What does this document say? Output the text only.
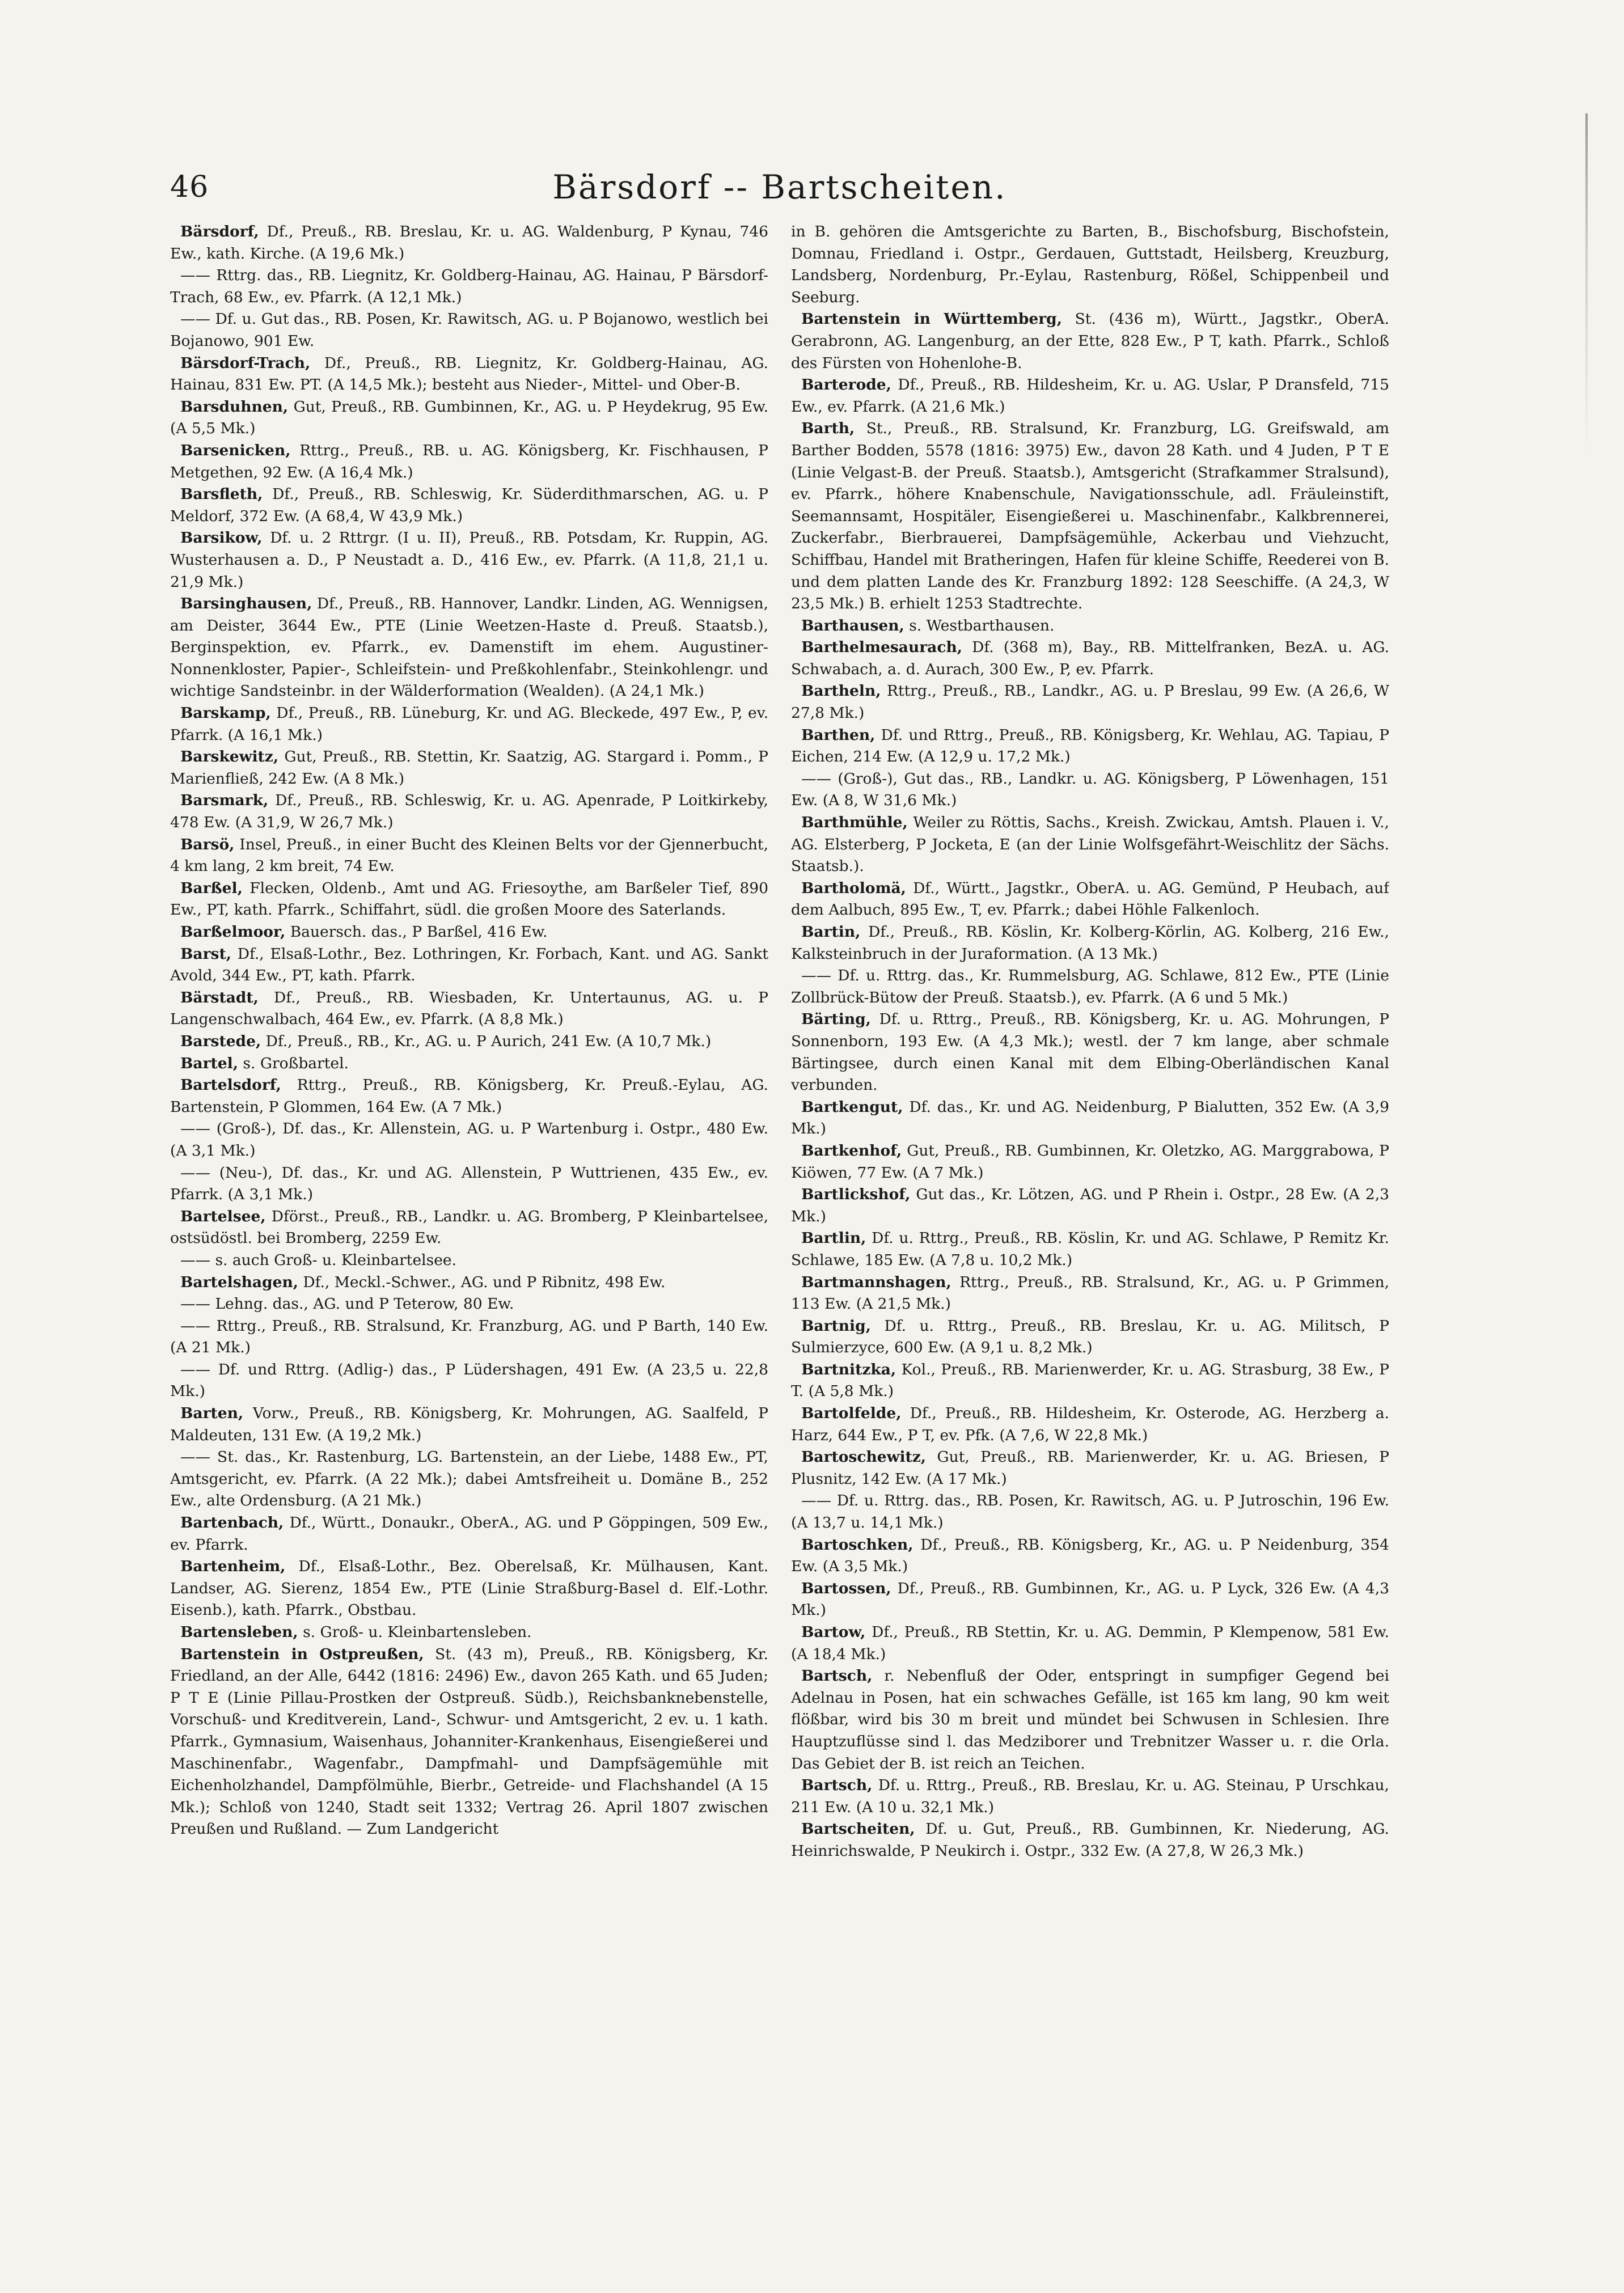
46	Bärsdorf -- Bartscheiten.

Bärsdorf, Df., Preuß., RB. Breslau, Kr. u. AG. Waldenburg, P Kynau, 746 Ew., kath. Kirche. (A 19,6 Mk.)

—— Rttrg. das., RB. Liegnitz, Kr. Goldberg-Hainau, AG. Hainau, P Bärsdorf-Trach, 68 Ew., ev. Pfarrk. (A 12,1 Mk.)

—— Df. u. Gut das., RB. Posen, Kr. Rawitsch, AG. u. P Bojanowo, westlich bei Bojanowo, 901 Ew.

Bärsdorf-Trach, Df., Preuß., RB. Liegnitz, Kr. Goldberg-Hainau, AG. Hainau, 831 Ew. PT. (A 14,5 Mk.); besteht aus Nieder-, Mittel- und Ober-B.

Barsduhnen, Gut, Preuß., RB. Gumbinnen, Kr., AG. u. P Heydekrug, 95 Ew. (A 5,5 Mk.)

Barsenicken, Rttrg., Preuß., RB. u. AG. Königsberg, Kr. Fischhausen, P Metgethen, 92 Ew. (A 16,4 Mk.)

Barsfleth, Df., Preuß., RB. Schleswig, Kr. Süderdithmarschen, AG. u. P Meldorf, 372 Ew. (A 68,4, W 43,9 Mk.)

Barsikow, Df. u. 2 Rttrgr. (I u. II), Preuß., RB. Potsdam, Kr. Ruppin, AG. Wusterhausen a. D., P Neustadt a. D., 416 Ew., ev. Pfarrk. (A 11,8, 21,1 u. 21,9 Mk.)

Barsinghausen, Df., Preuß., RB. Hannover, Landkr. Linden, AG. Wennigsen, am Deister, 3644 Ew., PTE (Linie Weetzen-Haste d. Preuß. Staatsb.), Berginspektion, ev. Pfarrk., ev. Damenstift im ehem. Augustiner-Nonnenkloster, Papier-, Schleifstein- und Preßkohlenfabr., Steinkohlengr. und wichtige Sandsteinbr. in der Wälderformation (Wealden). (A 24,1 Mk.)

Barskamp, Df., Preuß., RB. Lüneburg, Kr. und AG. Bleckede, 497 Ew., P, ev. Pfarrk. (A 16,1 Mk.)

Barskewitz, Gut, Preuß., RB. Stettin, Kr. Saatzig, AG. Stargard i. Pomm., P Marienfließ, 242 Ew. (A 8 Mk.)

Barsmark, Df., Preuß., RB. Schleswig, Kr. u. AG. Apenrade, P Loitkirkeby, 478 Ew. (A 31,9, W 26,7 Mk.)

Barsö, Insel, Preuß., in einer Bucht des Kleinen Belts vor der Gjennerbucht, 4 km lang, 2 km breit, 74 Ew.

Barßel, Flecken, Oldenb., Amt und AG. Friesoythe, am Barßeler Tief, 890 Ew., PT, kath. Pfarrk., Schiffahrt, südl. die großen Moore des Saterlands.

Barßelmoor, Bauersch. das., P Barßel, 416 Ew.

Barst, Df., Elsaß-Lothr., Bez. Lothringen, Kr. Forbach, Kant. und AG. Sankt Avold, 344 Ew., PT, kath. Pfarrk.

Bärstadt, Df., Preuß., RB. Wiesbaden, Kr. Untertaunus, AG. u. P Langenschwalbach, 464 Ew., ev. Pfarrk. (A 8,8 Mk.)

Barstede, Df., Preuß., RB., Kr., AG. u. P Aurich, 241 Ew. (A 10,7 Mk.)

Bartel, s. Großbartel.

Bartelsdorf, Rttrg., Preuß., RB. Königsberg, Kr. Preuß.-Eylau, AG. Bartenstein, P Glommen, 164 Ew. (A 7 Mk.)

—— (Groß-), Df. das., Kr. Allenstein, AG. u. P Wartenburg i. Ostpr., 480 Ew. (A 3,1 Mk.)

—— (Neu-), Df. das., Kr. und AG. Allenstein, P Wuttrienen, 435 Ew., ev. Pfarrk. (A 3,1 Mk.)

Bartelsee, Dförst., Preuß., RB., Landkr. u. AG. Bromberg, P Kleinbartelsee, ostsüdöstl. bei Bromberg, 2259 Ew.

—— s. auch Groß- u. Kleinbartelsee.

Bartelshagen, Df., Meckl.-Schwer., AG. und P Ribnitz, 498 Ew.

—— Lehng. das., AG. und P Teterow, 80 Ew.

—— Rttrg., Preuß., RB. Stralsund, Kr. Franzburg, AG. und P Barth, 140 Ew. (A 21 Mk.)

—— Df. und Rttrg. (Adlig-) das., P Lüdershagen, 491 Ew. (A 23,5 u. 22,8 Mk.)

Barten, Vorw., Preuß., RB. Königsberg, Kr. Mohrungen, AG. Saalfeld, P Maldeuten, 131 Ew. (A 19,2 Mk.)

—— St. das., Kr. Rastenburg, LG. Bartenstein, an der Liebe, 1488 Ew., PT, Amtsgericht, ev. Pfarrk. (A 22 Mk.); dabei Amtsfreiheit u. Domäne B., 252 Ew., alte Ordensburg. (A 21 Mk.)

Bartenbach, Df., Württ., Donaukr., OberA., AG. und P Göppingen, 509 Ew., ev. Pfarrk.

Bartenheim, Df., Elsaß-Lothr., Bez. Oberelsaß, Kr. Mülhausen, Kant. Landser, AG. Sierenz, 1854 Ew., PTE (Linie Straßburg-Basel d. Elf.-Lothr. Eisenb.), kath. Pfarrk., Obstbau.

Bartensleben, s. Groß- u. Kleinbartensleben.

Bartenstein in Ostpreußen, St. (43 m), Preuß., RB. Königsberg, Kr. Friedland, an der Alle, 6442 (1816: 2496) Ew., davon 265 Kath. und 65 Juden; P T E (Linie Pillau-Prostken der Ostpreuß. Südb.), Reichsbanknebenstelle, Vorschuß- und Kreditverein, Land-, Schwur- und Amtsgericht, 2 ev. u. 1 kath. Pfarrk., Gymnasium, Waisenhaus, Johanniter-Krankenhaus, Eisengießerei und Maschinenfabr., Wagenfabr., Dampfmahl- und Dampfsägemühle mit Eichenholzhandel, Dampfölmühle, Bierbr., Getreide- und Flachshandel (A 15 Mk.); Schloß von 1240, Stadt seit 1332; Vertrag 26. April 1807 zwischen Preußen und Rußland. — Zum Landgericht

in B. gehören die Amtsgerichte zu Barten, B., Bischofsburg, Bischofstein, Domnau, Friedland i. Ostpr., Gerdauen, Guttstadt, Heilsberg, Kreuzburg, Landsberg, Nordenburg, Pr.-Eylau, Rastenburg, Rößel, Schippenbeil und Seeburg.

Bartenstein in Württemberg, St. (436 m), Württ., Jagstkr., OberA. Gerabronn, AG. Langenburg, an der Ette, 828 Ew., P T, kath. Pfarrk., Schloß des Fürsten von Hohenlohe-B.

Barterode, Df., Preuß., RB. Hildesheim, Kr. u. AG. Uslar, P Dransfeld, 715 Ew., ev. Pfarrk. (A 21,6 Mk.)

Barth, St., Preuß., RB. Stralsund, Kr. Franzburg, LG. Greifswald, am Barther Bodden, 5578 (1816: 3975) Ew., davon 28 Kath. und 4 Juden, P T E (Linie Velgast-B. der Preuß. Staatsb.), Amtsgericht (Strafkammer Stralsund), ev. Pfarrk., höhere Knabenschule, Navigationsschule, adl. Fräuleinstift, Seemannsamt, Hospitäler, Eisengießerei u. Maschinenfabr., Kalkbrennerei, Zuckerfabr., Bierbrauerei, Dampfsägemühle, Ackerbau und Viehzucht, Schiffbau, Handel mit Bratheringen, Hafen für kleine Schiffe, Reederei von B. und dem platten Lande des Kr. Franzburg 1892: 128 Seeschiffe. (A 24,3, W 23,5 Mk.) B. erhielt 1253 Stadtrechte.

Barthausen, s. Westbarthausen.

Barthelmesaurach, Df. (368 m), Bay., RB. Mittelfranken, BezA. u. AG. Schwabach, a. d. Aurach, 300 Ew., P, ev. Pfarrk.

Bartheln, Rttrg., Preuß., RB., Landkr., AG. u. P Breslau, 99 Ew. (A 26,6, W 27,8 Mk.)

Barthen, Df. und Rttrg., Preuß., RB. Königsberg, Kr. Wehlau, AG. Tapiau, P Eichen, 214 Ew. (A 12,9 u. 17,2 Mk.)

—— (Groß-), Gut das., RB., Landkr. u. AG. Königsberg, P Löwenhagen, 151 Ew. (A 8, W 31,6 Mk.)

Barthmühle, Weiler zu Röttis, Sachs., Kreish. Zwickau, Amtsh. Plauen i. V., AG. Elsterberg, P Jocketa, E (an der Linie Wolfsgefährt-Weischlitz der Sächs. Staatsb.).

Bartholomä, Df., Württ., Jagstkr., OberA. u. AG. Gemünd, P Heubach, auf dem Aalbuch, 895 Ew., T, ev. Pfarrk.; dabei Höhle Falkenloch.

Bartin, Df., Preuß., RB. Köslin, Kr. Kolberg-Körlin, AG. Kolberg, 216 Ew., Kalksteinbruch in der Juraformation. (A 13 Mk.)

—— Df. u. Rttrg. das., Kr. Rummelsburg, AG. Schlawe, 812 Ew., PTE (Linie Zollbrück-Bütow der Preuß. Staatsb.), ev. Pfarrk. (A 6 und 5 Mk.)

Bärting, Df. u. Rttrg., Preuß., RB. Königsberg, Kr. u. AG. Mohrungen, P Sonnenborn, 193 Ew. (A 4,3 Mk.); westl. der 7 km lange, aber schmale Bärtingsee, durch einen Kanal mit dem Elbing-Oberländischen Kanal verbunden.

Bartkengut, Df. das., Kr. und AG. Neidenburg, P Bialutten, 352 Ew. (A 3,9 Mk.)

Bartkenhof, Gut, Preuß., RB. Gumbinnen, Kr. Oletzko, AG. Marggrabowa, P Kiöwen, 77 Ew. (A 7 Mk.)

Bartlickshof, Gut das., Kr. Lötzen, AG. und P Rhein i. Ostpr., 28 Ew. (A 2,3 Mk.)

Bartlin, Df. u. Rttrg., Preuß., RB. Köslin, Kr. und AG. Schlawe, P Remitz Kr. Schlawe, 185 Ew. (A 7,8 u. 10,2 Mk.)

Bartmannshagen, Rttrg., Preuß., RB. Stralsund, Kr., AG. u. P Grimmen, 113 Ew. (A 21,5 Mk.)

Bartnig, Df. u. Rttrg., Preuß., RB. Breslau, Kr. u. AG. Militsch, P Sulmierzyce, 600 Ew. (A 9,1 u. 8,2 Mk.)

Bartnitzka, Kol., Preuß., RB. Marienwerder, Kr. u. AG. Strasburg, 38 Ew., P T. (A 5,8 Mk.)

Bartolfelde, Df., Preuß., RB. Hildesheim, Kr. Osterode, AG. Herzberg a. Harz, 644 Ew., P T, ev. Pfk. (A 7,6, W 22,8 Mk.)

Bartoschewitz, Gut, Preuß., RB. Marienwerder, Kr. u. AG. Briesen, P Plusnitz, 142 Ew. (A 17 Mk.)

—— Df. u. Rttrg. das., RB. Posen, Kr. Rawitsch, AG. u. P Jutroschin, 196 Ew. (A 13,7 u. 14,1 Mk.)

Bartoschken, Df., Preuß., RB. Königsberg, Kr., AG. u. P Neidenburg, 354 Ew. (A 3,5 Mk.)

Bartossen, Df., Preuß., RB. Gumbinnen, Kr., AG. u. P Lyck, 326 Ew. (A 4,3 Mk.)

Bartow, Df., Preuß., RB Stettin, Kr. u. AG. Demmin, P Klempenow, 581 Ew. (A 18,4 Mk.)

Bartsch, r. Nebenfluß der Oder, entspringt in sumpfiger Gegend bei Adelnau in Posen, hat ein schwaches Gefälle, ist 165 km lang, 90 km weit flößbar, wird bis 30 m breit und mündet bei Schwusen in Schlesien. Ihre Hauptzuflüsse sind l. das Medziborer und Trebnitzer Wasser u. r. die Orla. Das Gebiet der B. ist reich an Teichen.

Bartsch, Df. u. Rttrg., Preuß., RB. Breslau, Kr. u. AG. Steinau, P Urschkau, 211 Ew. (A 10 u. 32,1 Mk.)

Bartscheiten, Df. u. Gut, Preuß., RB. Gumbinnen, Kr. Niederung, AG. Heinrichswalde, P Neukirch i. Ostpr., 332 Ew. (A 27,8, W 26,3 Mk.)
